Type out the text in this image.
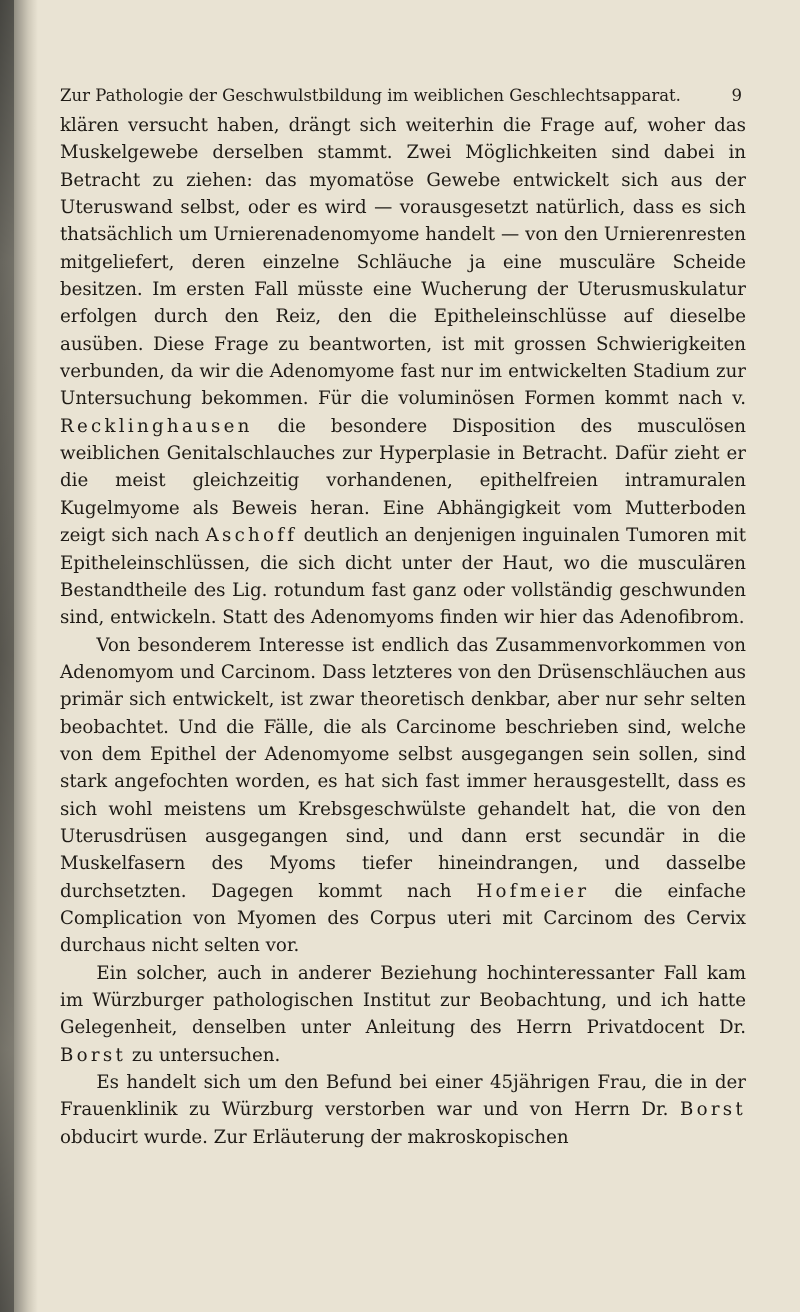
Zur Pathologie der Geschwulstbildung im weiblichen Geschlechtsapparat.	9

klären versucht haben, drängt sich weiterhin die Frage auf, woher das Muskelgewebe derselben stammt. Zwei Möglichkeiten sind dabei in Betracht zu ziehen: das myomatöse Gewebe entwickelt sich aus der Uteruswand selbst, oder es wird — vorausgesetzt natürlich, dass es sich thatsächlich um Urnierenadenomyome handelt — von den Urnierenresten mitgeliefert, deren einzelne Schläuche ja eine musculäre Scheide besitzen. Im ersten Fall müsste eine Wucherung der Uterusmuskulatur erfolgen durch den Reiz, den die Epitheleinschlüsse auf dieselbe ausüben. Diese Frage zu beantworten, ist mit grossen Schwierigkeiten verbunden, da wir die Adenomyome fast nur im entwickelten Stadium zur Untersuchung bekommen. Für die voluminösen Formen kommt nach v. Recklinghausen die besondere Disposition des musculösen weiblichen Genitalschlauches zur Hyperplasie in Betracht. Dafür zieht er die meist gleichzeitig vorhandenen, epithelfreien intramuralen Kugelmyome als Beweis heran. Eine Abhängigkeit vom Mutterboden zeigt sich nach Aschoff deutlich an denjenigen inguinalen Tumoren mit Epitheleinschlüssen, die sich dicht unter der Haut, wo die musculären Bestandtheile des Lig. rotundum fast ganz oder vollständig geschwunden sind, entwickeln. Statt des Adenomyoms finden wir hier das Adenofibrom.

Von besonderem Interesse ist endlich das Zusammenvorkommen von Adenomyom und Carcinom. Dass letzteres von den Drüsenschläuchen aus primär sich entwickelt, ist zwar theoretisch denkbar, aber nur sehr selten beobachtet. Und die Fälle, die als Carcinome beschrieben sind, welche von dem Epithel der Adenomyome selbst ausgegangen sein sollen, sind stark angefochten worden, es hat sich fast immer herausgestellt, dass es sich wohl meistens um Krebsgeschwülste gehandelt hat, die von den Uterusdrüsen ausgegangen sind, und dann erst secundär in die Muskelfasern des Myoms tiefer hineindrangen, und dasselbe durchsetzten. Dagegen kommt nach Hofmeier die einfache Complication von Myomen des Corpus uteri mit Carcinom des Cervix durchaus nicht selten vor.

Ein solcher, auch in anderer Beziehung hochinteressanter Fall kam im Würzburger pathologischen Institut zur Beobachtung, und ich hatte Gelegenheit, denselben unter Anleitung des Herrn Privatdocent Dr. Borst zu untersuchen.

Es handelt sich um den Befund bei einer 45jährigen Frau, die in der Frauenklinik zu Würzburg verstorben war und von Herrn Dr. Borst obducirt wurde. Zur Erläuterung der makroskopischen
